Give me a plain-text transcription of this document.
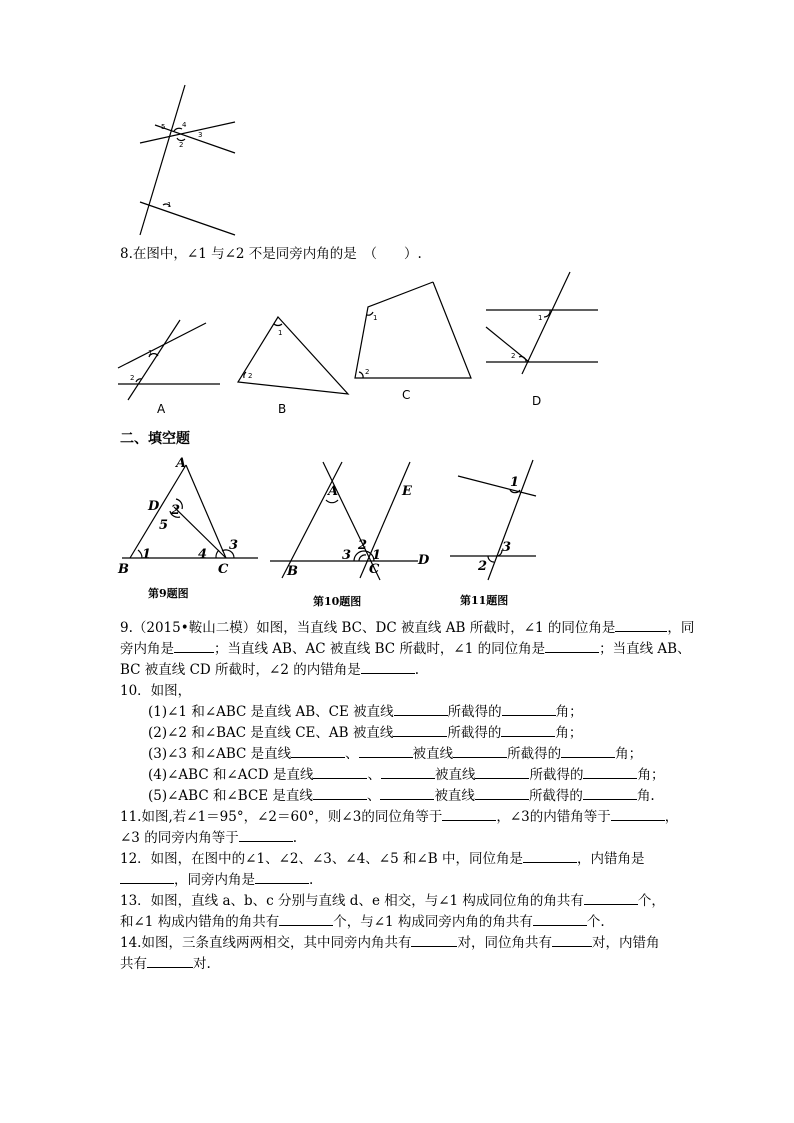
5 4
3
2
1
8.在图中，∠1 与∠2 不是同旁内角的是　（　　）.
1
2
1
2
1
2
1
2
A	B
C	D
二、填空题
A
D 2
5
1	4
3
B	C
第9题图
A	E
2
3 1	D
B	C
第10题图
1
3
2
第11题图
9.（2015•鞍山二模）如图，当直线 BC、DC 被直线 AB 所截时，∠1 的同位角是	，同
旁内角是	；当直线 AB、AC 被直线 BC 所截时，∠1 的同位角是	；当直线 AB、
BC 被直线 CD 所截时，∠2 的内错角是	.
10．如图，
(1)∠1 和∠ABC 是直线 AB、CE 被直线	所截得的	角；
(2)∠2 和∠BAC 是直线 CE、AB 被直线	所截得的	角；
(3)∠3 和∠ABC 是直线	、	被直线	所截得的	角；
(4)∠ABC 和∠ACD 是直线	、	被直线	所截得的	角；
(5)∠ABC 和∠BCE 是直线	、	被直线	所截得的	角.
11.如图,若∠1＝95°，∠2＝60°，则∠3的同位角等于	，∠3的内错角等于	，
∠3 的同旁内角等于	.
12．如图，在图中的∠1、∠2、∠3、∠4、∠5 和∠B 中，同位角是	，内错角是
，同旁内角是	.
13．如图，直线 a、b、c 分别与直线 d、e 相交，与∠1 构成同位角的角共有	个，
和∠1 构成内错角的角共有	个，与∠1 构成同旁内角的角共有	个.
14.如图，三条直线两两相交，其中同旁内角共有	对，同位角共有	对，内错角
共有	对.
